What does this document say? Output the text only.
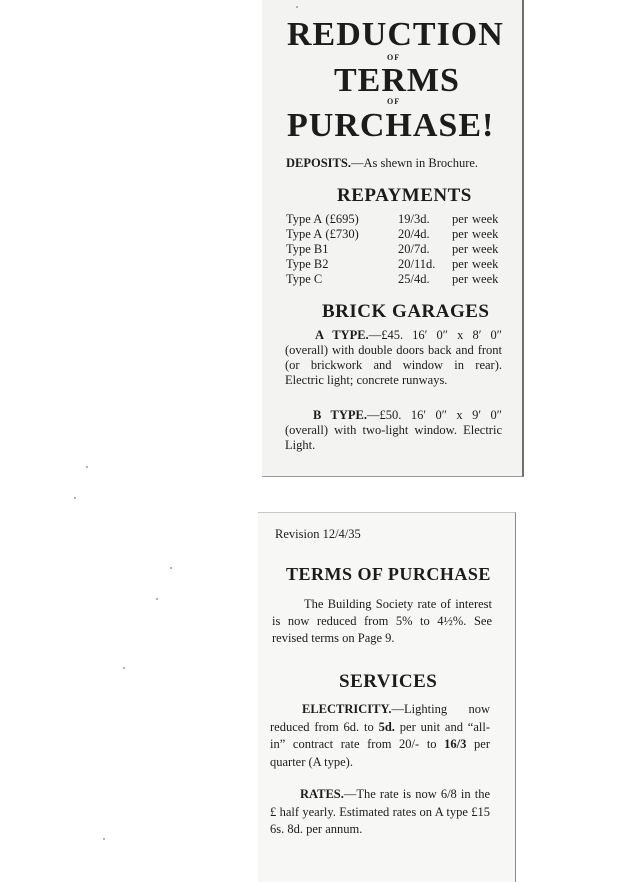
REDUCTION
OF
TERMS
OF
PURCHASE!
DEPOSITS.—As shewn in Brochure.
REPAYMENTS
Type A (£695)	19/3d. per week
Type A (£730)	20/4d. per week
Type B1	20/7d. per week
Type B2	20/11d. per week
Type C	25/4d. per week
BRICK GARAGES
A TYPE.—£45. 16′ 0″ x 8′ 0″ (overall) with double doors back and front (or brickwork and window in rear). Electric light; concrete runways.
B TYPE.—£50. 16′ 0″ x 9′ 0″ (overall) with two-light window. Electric Light.
Revision 12/4/35
TERMS OF PURCHASE
The Building Society rate of interest is now reduced from 5% to 4½%. See revised terms on Page 9.
SERVICES
ELECTRICITY.—Lighting now reduced from 6d. to 5d. per unit and “all-in” contract rate from 20/- to 16/3 per quarter (A type).
RATES.—The rate is now 6/8 in the £ half yearly. Estimated rates on A type £15 6s. 8d. per annum.
